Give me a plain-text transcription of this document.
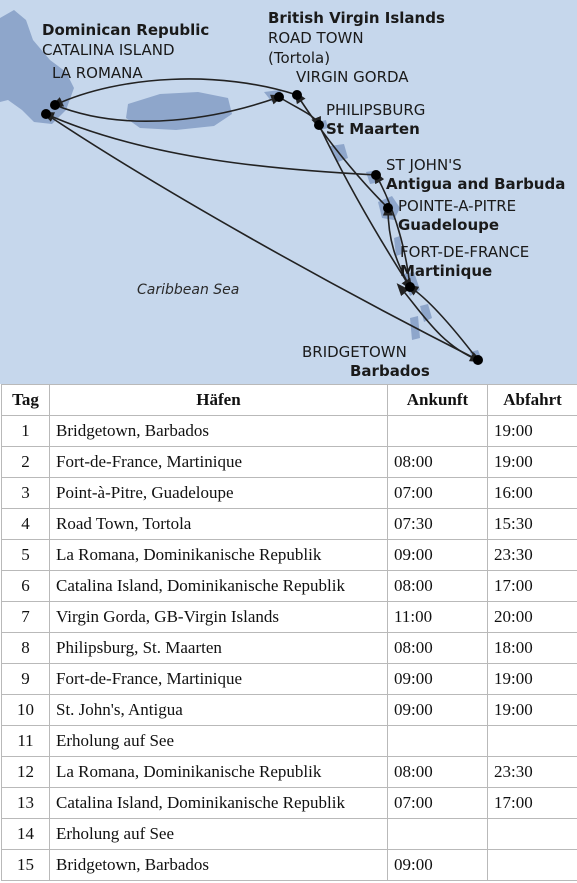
Dominican Republic
CATALINA ISLAND
LA ROMANA
British Virgin Islands
ROAD TOWN
(Tortola)
VIRGIN GORDA
PHILIPSBURG
St Maarten
ST JOHN'S
Antigua and Barbuda
POINTE-A-PITRE
Guadeloupe
FORT-DE-FRANCE
Martinique
Caribbean Sea
BRIDGETOWN
Barbados
Tag	Häfen	Ankunft	Abfahrt
1	Bridgetown, Barbados		19:00
2	Fort-de-France, Martinique	08:00	19:00
3	Point-à-Pitre, Guadeloupe	07:00	16:00
4	Road Town, Tortola	07:30	15:30
5	La Romana, Dominikanische Republik	09:00	23:30
6	Catalina Island, Dominikanische Republik	08:00	17:00
7	Virgin Gorda, GB-Virgin Islands	11:00	20:00
8	Philipsburg, St. Maarten	08:00	18:00
9	Fort-de-France, Martinique	09:00	19:00
10	St. John's, Antigua	09:00	19:00
11	Erholung auf See		
12	La Romana, Dominikanische Republik	08:00	23:30
13	Catalina Island, Dominikanische Republik	07:00	17:00
14	Erholung auf See		
15	Bridgetown, Barbados	09:00	
